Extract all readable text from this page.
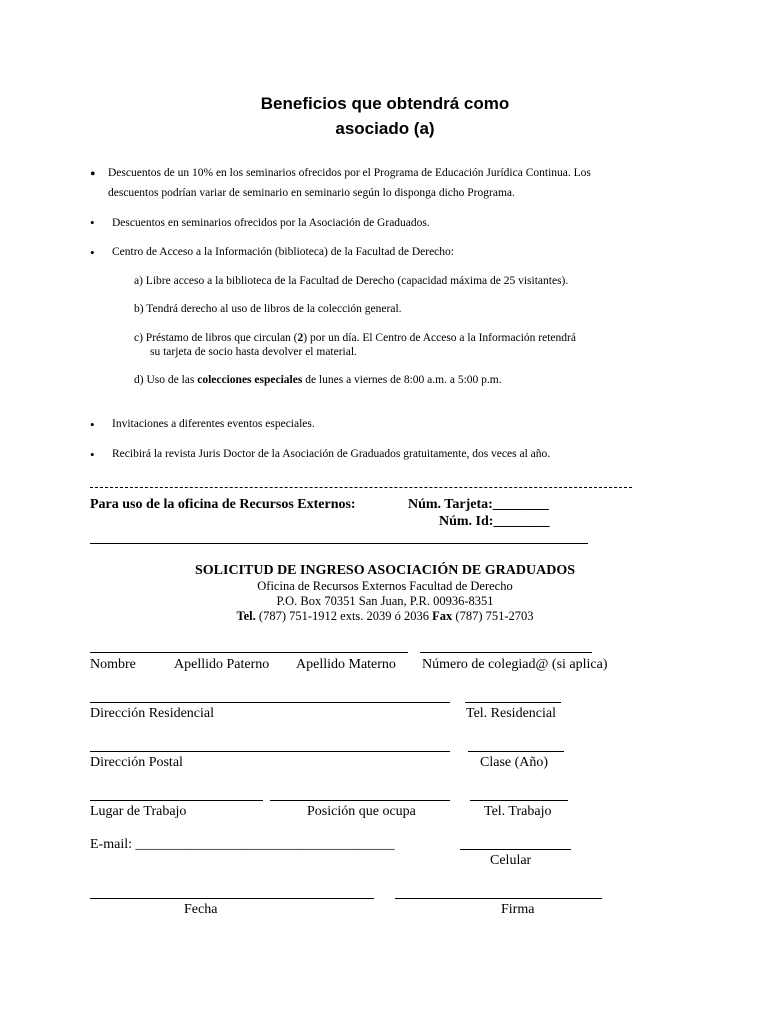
Beneficios que obtendrá como
asociado (a)
• Descuentos de un 10% en los seminarios ofrecidos por el Programa de Educación Jurídica Continua. Los
descuentos podrían variar de seminario en seminario según lo disponga dicho Programa.
• Descuentos en seminarios ofrecidos por la Asociación de Graduados.
• Centro de Acceso a la Información (biblioteca) de la Facultad de Derecho:
a) Libre acceso a la biblioteca de la Facultad de Derecho (capacidad máxima de 25 visitantes).
b) Tendrá derecho al uso de libros de la colección general.
c) Préstamo de libros que circulan (2) por un día. El Centro de Acceso a la Información retendrá
su tarjeta de socio hasta devolver el material.
d) Uso de las colecciones especiales de lunes a viernes de 8:00 a.m. a 5:00 p.m.
• Invitaciones a diferentes eventos especiales.
• Recibirá la revista Juris Doctor de la Asociación de Graduados gratuitamente, dos veces al año.
Para uso de la oficina de Recursos Externos:	Núm. Tarjeta:________
Núm. Id:________
SOLICITUD DE INGRESO ASOCIACIÓN DE GRADUADOS
Oficina de Recursos Externos Facultad de Derecho
P.O. Box 70351 San Juan, P.R. 00936-8351
Tel. (787) 751-1912 exts. 2039 ó 2036 Fax (787) 751-2703
Nombre	Apellido Paterno Apellido Materno Número de colegiad@ (si aplica)
Dirección Residencial	Tel. Residencial
Dirección Postal	Clase (Año)
Lugar de Trabajo	Posición que ocupa	Tel. Trabajo
E-mail: _____________________________________
Celular
Fecha	Firma
